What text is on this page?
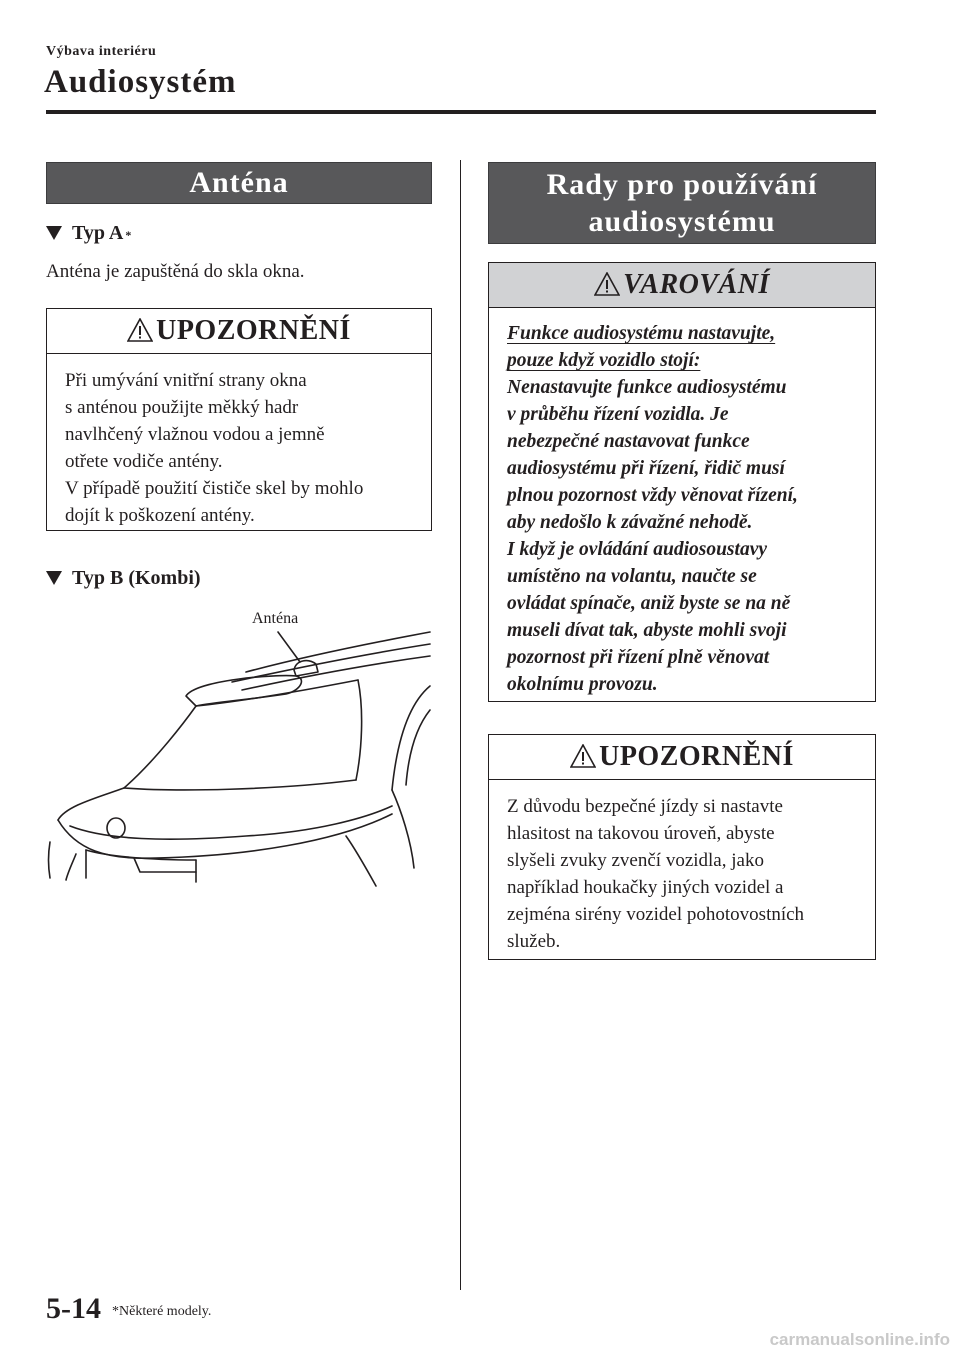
Výbava interiéru
Audiosystém
Anténa
Typ A *
Anténa je zapuštěná do skla okna.
UPOZORNĚNÍ
Při umývání vnitřní strany okna
s anténou použijte měkký hadr
navlhčený vlažnou vodou a jemně
otřete vodiče antény.
V případě použití čističe skel by mohlo
dojít k poškození antény.
Typ B (Kombi)
Anténa
Rady pro používání
audiosystému
VAROVÁNÍ
Funkce audiosystému nastavujte,
pouze když vozidlo stojí:
Nenastavujte funkce audiosystému
v průběhu řízení vozidla. Je
nebezpečné nastavovat funkce
audiosystému při řízení, řidič musí
plnou pozornost vždy věnovat řízení,
aby nedošlo k závažné nehodě.
I když je ovládání audiosoustavy
umístěno na volantu, naučte se
ovládat spínače, aniž byste se na ně
museli dívat tak, abyste mohli svoji
pozornost při řízení plně věnovat
okolnímu provozu.
UPOZORNĚNÍ
Z důvodu bezpečné jízdy si nastavte
hlasitost na takovou úroveň, abyste
slyšeli zvuky zvenčí vozidla, jako
například houkačky jiných vozidel a
zejména sirény vozidel pohotovostních
služeb.
5-14 *Některé modely.
carmanualsonline.info
